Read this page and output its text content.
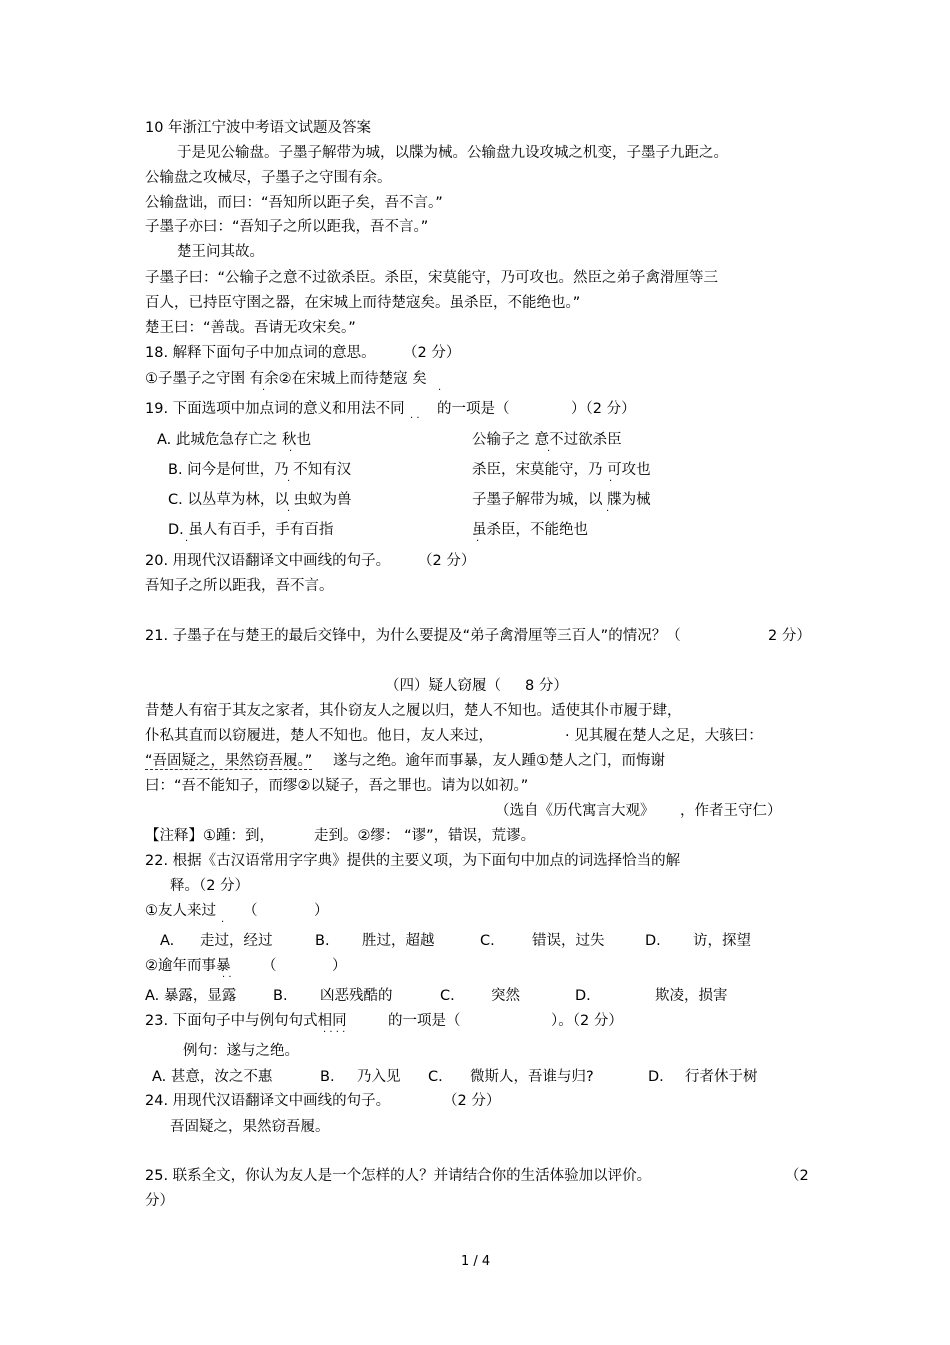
10 年浙江宁波中考语文试题及答案
于是见公输盘。子墨子解带为城，以牒为械。公输盘九设攻城之机变，子墨子九距之。
公输盘之攻械尽，子墨子之守围有余。
公输盘诎，而曰：“吾知所以距子矣，吾不言。”
子墨子亦曰：“吾知子之所以距我，吾不言。”
楚王问其故。
子墨子曰：“公输子之意不过欲杀臣。杀臣，宋莫能守，乃可攻也。然臣之弟子禽滑厘等三
百人，已持臣守圉之器，在宋城上而待楚寇矣。虽杀臣，不能绝也。”
楚王曰：“善哉。吾请无攻宋矣。”
18. 解释下面句子中加点词的意思。 （2 分）
①子墨子之守圉 有余②在宋城上而待楚寇 矣
·	·
19. 下面选项中加点词的意义和用法不同 的一项是（	）（2 分）
· ·
A. 此城危急存亡之 秋也	公输子之 意不过欲杀臣
B. 问今是何世，乃 不知有汉	杀臣，宋莫能守，乃 可攻也
C. 以丛草为林，以 虫蚁为兽	子墨子解带为城，以 牒为械
D. 虽人有百手，手有百指	虽杀臣，不能绝也
·	·
·	·
·	·
·	·
20. 用现代汉语翻译文中画线的句子。 （2 分）
吾知子之所以距我，吾不言。
21. 子墨子在与楚王的最后交锋中，为什么要提及“弟子禽滑厘等三百人”的情况？（	2 分）
（四）疑人窃履（ 8 分）
昔楚人有宿于其友之家者，其仆窃友人之履以归，楚人不知也。适使其仆市履于肆，
仆私其直而以窃履进，楚人不知也。他日，友人来过，	· 见其履在楚人之足，大骇曰：
“吾固疑之，果然窃吾履。” 遂与之绝。逾年而事暴，友人踵①楚人之门，而悔谢
曰：“吾不能知子，而缪②以疑子，吾之罪也。请为以如初。”
（选自《历代寓言大观》 ，作者王守仁）
【注释】①踵：到，	走到。②缪： “谬”，错误，荒谬。
22. 根据《古汉语常用字字典》提供的主要义项，为下面句中加点的词选择恰当的解
释。（2 分）
①友人来过
·
（	）
A. 走过，经过	B. 胜过，超越	C.	错误，过失	D. 访，探望
②逾年而事暴
· ·
（	）
A. 暴露，显露	B. 凶恶残酷的	C.	突然	D.	欺凌，损害
23. 下面句子中与例句句式相同
· · · ·
的一项是（	）。（2 分）
例句：遂与之绝。
A. 甚意，汝之不惠	B. 乃入见 C. 微斯人，吾谁与归?	D. 行者休于树
24. 用现代汉语翻译文中画线的句子。	（2 分）
吾固疑之，果然窃吾履。
25. 联系全文，你认为友人是一个怎样的人？并请结合你的生活体验加以评价。	（2
分）
1 / 4
